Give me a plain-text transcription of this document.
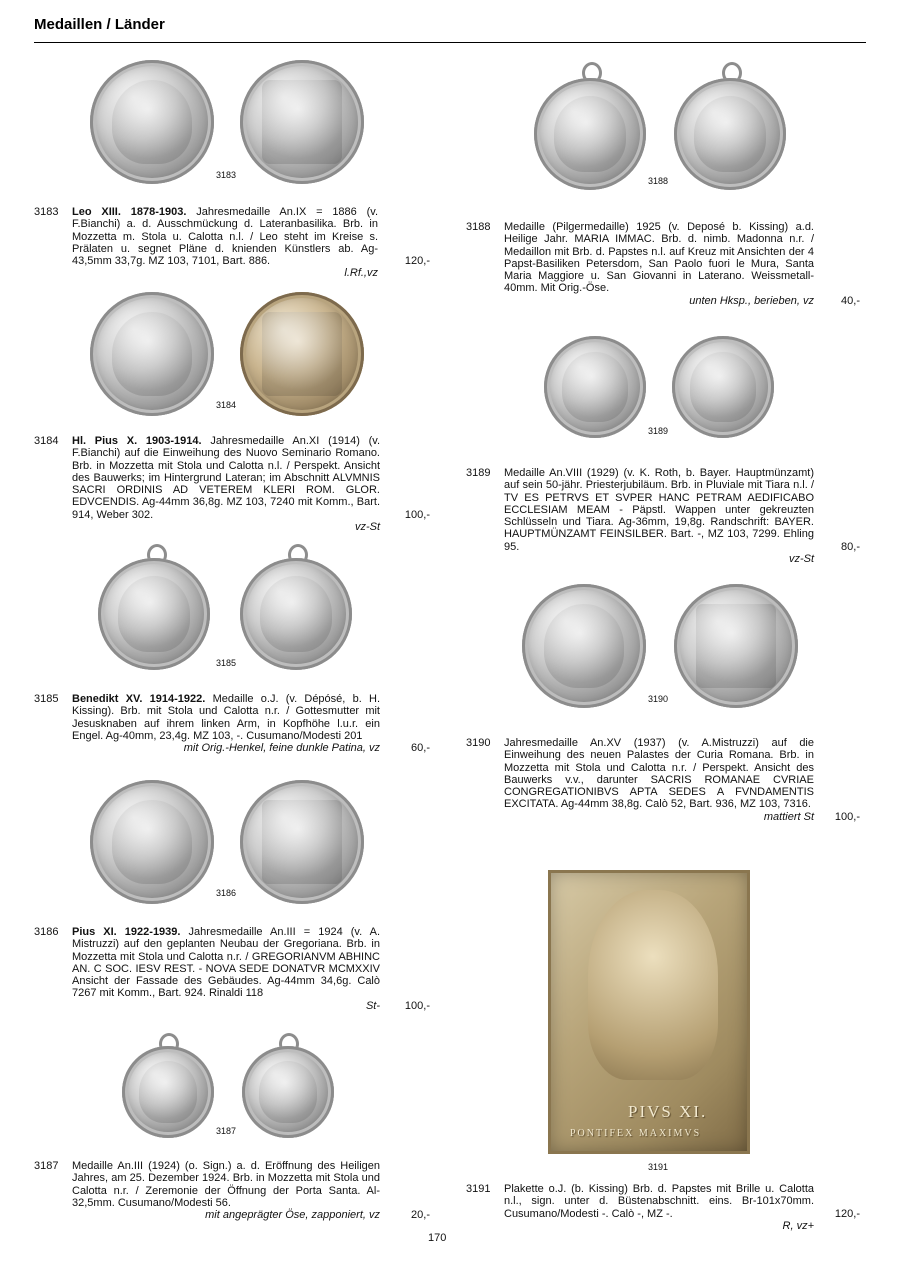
Medaillen / Länder
3183
3183 Leo XIII. 1878-1903. Jahresmedaille An.IX = 1886 (v. F.Bianchi) a. d. Ausschmückung d. Lateranbasilika. Brb. in Mozzetta m. Stola u. Calotta n.l. / Leo steht im Kreise s. Prälaten u. segnet Pläne d. knienden Künstlers ab. Ag-43,5mm 33,7g. MZ 103, 7101, Bart. 886.
l.Rf.,vz
120,-
3184
3184 Hl. Pius X. 1903-1914. Jahresmedaille An.XI (1914) (v. F.Bianchi) auf die Einweihung des Nuovo Seminario Romano. Brb. in Mozzetta mit Stola und Calotta n.l. / Perspekt. Ansicht des Bauwerks; im Hintergrund Lateran; im Abschnitt ALVMNIS SACRI ORDINIS AD VETEREM KLERI ROM. GLOR. EDVCENDIS. Ag-44mm 36,8g. MZ 103, 7240 mit Komm., Bart. 914, Weber 302.
vz-St
100,-
3185
3185 Benedikt XV. 1914-1922. Medaille o.J. (v. Dépósé, b. H. Kissing). Brb. mit Stola und Calotta n.r. / Gottesmutter mit Jesusknaben auf ihrem linken Arm, in Kopfhöhe l.u.r. ein Engel. Ag-40mm, 23,4g. MZ 103, -. Cusumano/Modesti 201
mit Orig.-Henkel, feine dunkle Patina, vz	60,-
3186
3186 Pius XI. 1922-1939. Jahresmedaille An.III = 1924 (v. A. Mistruzzi) auf den geplanten Neubau der Gregoriana. Brb. in Mozzetta mit Stola und Calotta n.r. / GREGORIANVM ABHINC AN. C SOC. IESV REST. - NOVA SEDE DONATVR MCMXXIV Ansicht der Fassade des Gebäudes. Ag-44mm 34,6g. Calò 7267 mit Komm., Bart. 924. Rinaldi 118
St-	100,-
3187
3187 Medaille An.III (1924) (o. Sign.) a. d. Eröffnung des Heiligen Jahres, am 25. Dezember 1924. Brb. in Mozzetta mit Stola und Calotta n.r. / Zeremonie der Öffnung der Porta Santa. Al-32,5mm. Cusumano/Modesti 56.
mit angeprägter Öse, zapponiert, vz	20,-
3188
3188 Medaille (Pilgermedaille) 1925 (v. Deposé b. Kissing) a.d. Heilige Jahr. MARIA IMMAC. Brb. d. nimb. Madonna n.r. / Medaillon mit Brb. d. Papstes n.l. auf Kreuz mit Ansichten der 4 Papst-Basiliken Petersdom, San Paolo fuori le Mura, Santa Maria Maggiore u. San Giovanni in Laterano. Weissmetall-40mm. Mit Orig.-Öse.
unten Hksp., berieben, vz	40,-
3189
3189 Medaille An.VIII (1929) (v. K. Roth, b. Bayer. Hauptmünzamt) auf sein 50-jähr. Priesterjubiläum. Brb. in Pluviale mit Tiara n.l. / TV ES PETRVS ET SVPER HANC PETRAM AEDIFICABO ECCLESIAM MEAM - Päpstl. Wappen unter gekreuzten Schlüsseln und Tiara. Ag-36mm, 19,8g. Randschrift: BAYER. HAUPTMÜNZAMT FEINSILBER. Bart. -, MZ 103, 7299. Ehling 95.
vz-St
80,-
3190
3190 Jahresmedaille An.XV (1937) (v. A.Mistruzzi) auf die Einweihung des neuen Palastes der Curia Romana. Brb. in Mozzetta mit Stola und Calotta n.r. / Perspekt. Ansicht des Bauwerks v.v., darunter SACRIS ROMANAE CVRIAE CONGREGATIONIBVS APTA SEDES A FVNDAMENTIS EXCITATA. Ag-44mm 38,8g. Calò 52, Bart. 936, MZ 103, 7316.
mattiert St	100,-
PIVS XI.
PONTIFEX MAXIMVS
3191
3191 Plakette o.J. (b. Kissing) Brb. d. Papstes mit Brille u. Calotta n.l., sign. unter d. Büstenabschnitt. eins. Br-101x70mm. Cusumano/Modesti -. Calò -, MZ -.
R, vz+
120,-
170
